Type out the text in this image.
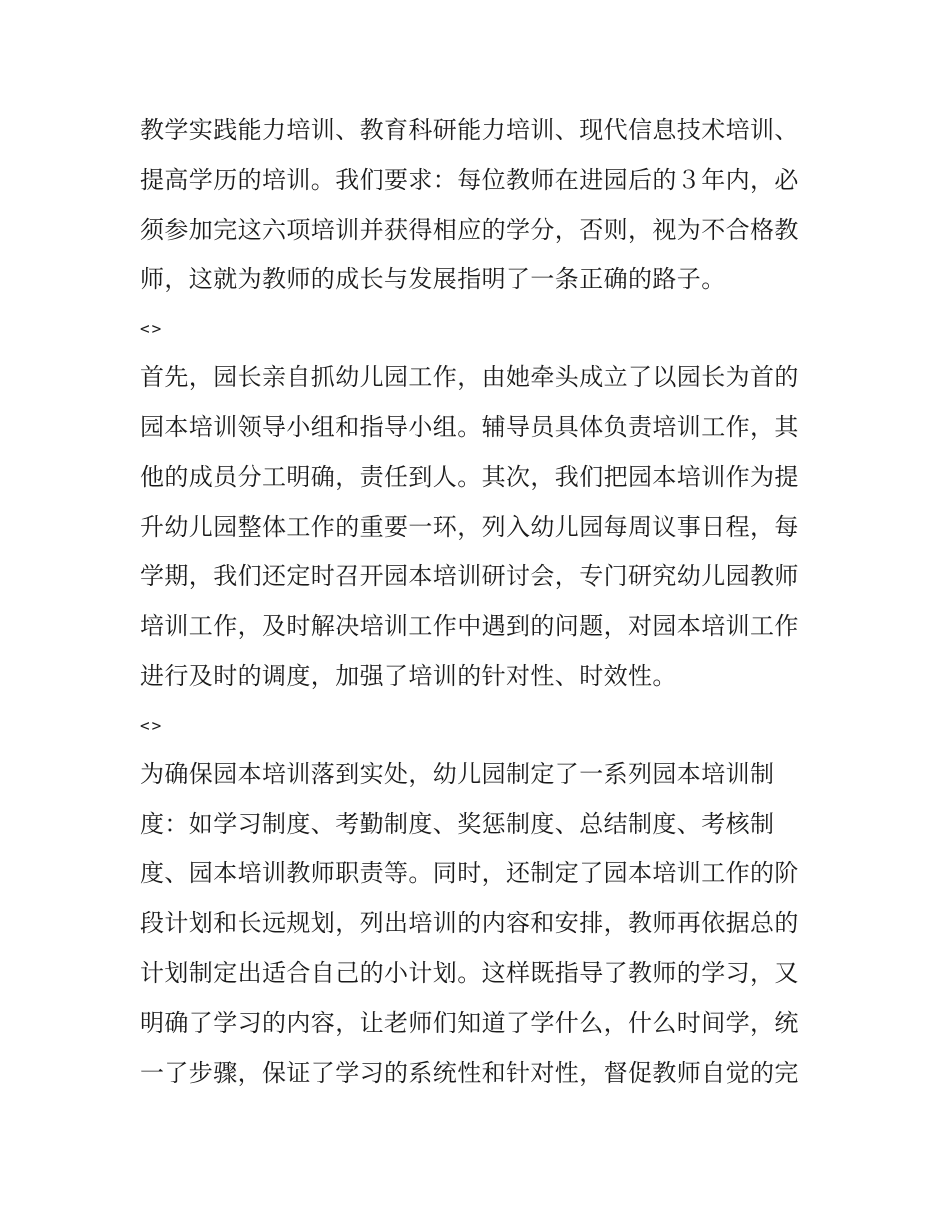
教学实践能力培训、教育科研能力培训、现代信息技术培训、
提高学历的培训。我们要求：每位教师在进园后的３年内，必
须参加完这六项培训并获得相应的学分，否则，视为不合格教
师，这就为教师的成长与发展指明了一条正确的路子。
<>
首先，园长亲自抓幼儿园工作，由她牵头成立了以园长为首的
园本培训领导小组和指导小组。辅导员具体负责培训工作，其
他的成员分工明确，责任到人。其次，我们把园本培训作为提
升幼儿园整体工作的重要一环，列入幼儿园每周议事日程，每
学期，我们还定时召开园本培训研讨会，专门研究幼儿园教师
培训工作，及时解决培训工作中遇到的问题，对园本培训工作
进行及时的调度，加强了培训的针对性、时效性。
<>
为确保园本培训落到实处，幼儿园制定了一系列园本培训制
度：如学习制度、考勤制度、奖惩制度、总结制度、考核制
度、园本培训教师职责等。同时，还制定了园本培训工作的阶
段计划和长远规划，列出培训的内容和安排，教师再依据总的
计划制定出适合自己的小计划。这样既指导了教师的学习，又
明确了学习的内容，让老师们知道了学什么，什么时间学，统
一了步骤，保证了学习的系统性和针对性，督促教师自觉的完
